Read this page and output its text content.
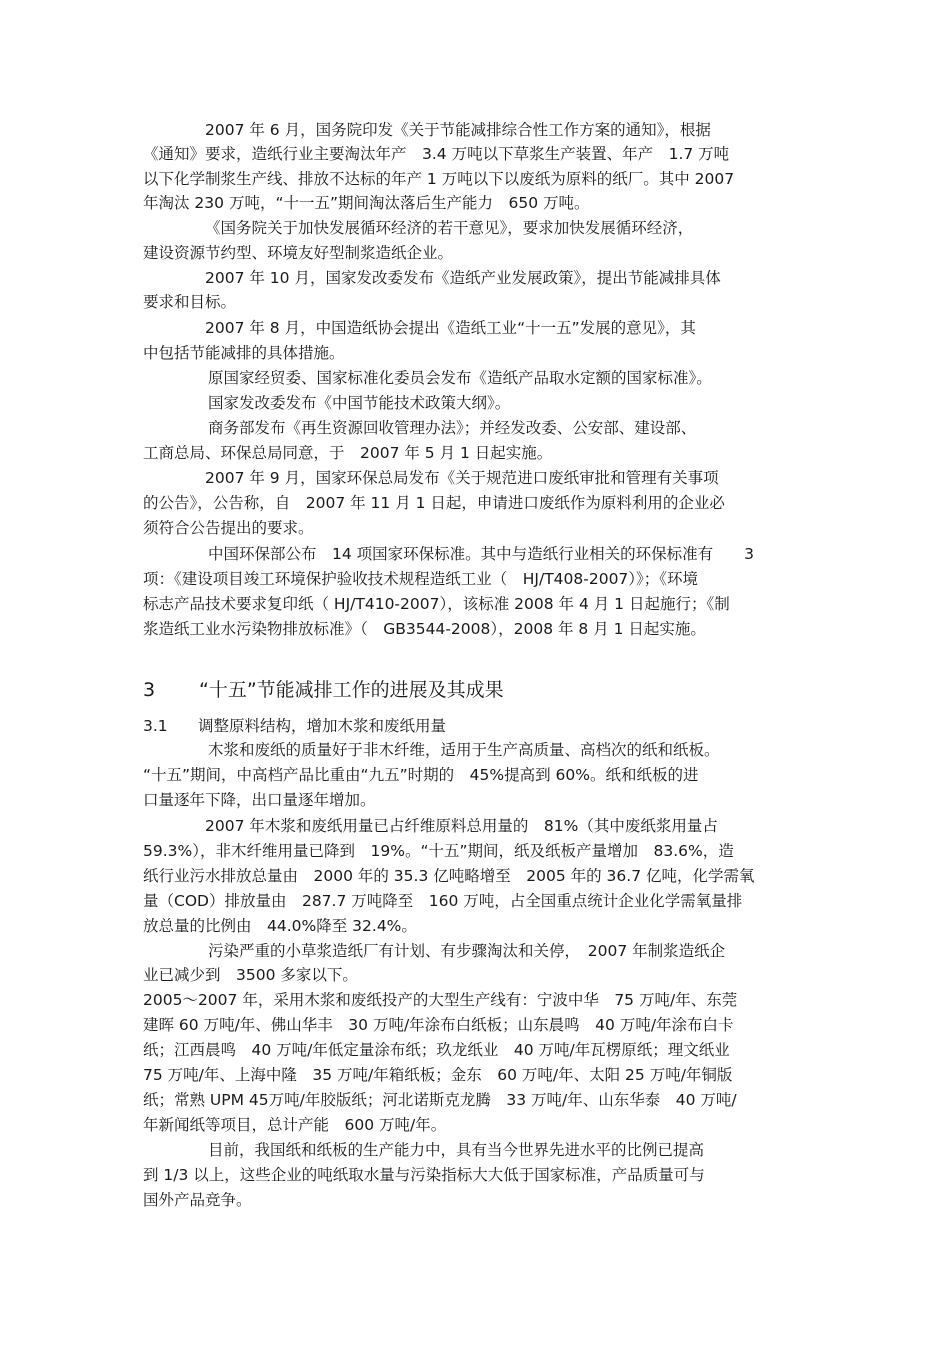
2007 年 6 月，国务院印发《关于节能减排综合性工作方案的通知》，根据
《通知》要求，造纸行业主要淘汰年产　3.4 万吨以下草浆生产装置、年产　1.7 万吨
以下化学制浆生产线、排放不达标的年产 1 万吨以下以废纸为原料的纸厂。其中 2007
年淘汰 230 万吨，“十一五”期间淘汰落后生产能力　650 万吨。
《国务院关于加快发展循环经济的若干意见》，要求加快发展循环经济，
建设资源节约型、环境友好型制浆造纸企业。
2007 年 10 月，国家发改委发布《造纸产业发展政策》，提出节能减排具体
要求和目标。
2007 年 8 月，中国造纸协会提出《造纸工业“十一五”发展的意见》，其
中包括节能减排的具体措施。
原国家经贸委、国家标准化委员会发布《造纸产品取水定额的国家标准》。
国家发改委发布《中国节能技术政策大纲》。
商务部发布《再生资源回收管理办法》；并经发改委、公安部、建设部、
工商总局、环保总局同意，于　2007 年 5 月 1 日起实施。
2007 年 9 月，国家环保总局发布《关于规范进口废纸审批和管理有关事项
的公告》，公告称，自　2007 年 11 月 1 日起，申请进口废纸作为原料利用的企业必
须符合公告提出的要求。
中国环保部公布　14 项国家环保标准。其中与造纸行业相关的环保标准有　　3
项：《建设项目竣工环境保护验收技术规程造纸工业（　HJ/T408-2007）》；《环境
标志产品技术要求复印纸（ HJ/T410-2007），该标准 2008 年 4 月 1 日起施行；《制
浆造纸工业水污染物排放标准》（　GB3544-2008），2008 年 8 月 1 日起实施。
3 “十五”节能减排工作的进展及其成果
3.1 调整原料结构，增加木浆和废纸用量
木浆和废纸的质量好于非木纤维，适用于生产高质量、高档次的纸和纸板。
“十五”期间，中高档产品比重由“九五”时期的　45%提高到 60%。纸和纸板的进
口量逐年下降，出口量逐年增加。
2007 年木浆和废纸用量已占纤维原料总用量的　81%（其中废纸浆用量占
59.3%），非木纤维用量已降到　19%。“十五”期间，纸及纸板产量增加　83.6%，造
纸行业污水排放总量由　2000 年的 35.3 亿吨略增至　2005 年的 36.7 亿吨，化学需氧
量（COD）排放量由　287.7 万吨降至　160 万吨，占全国重点统计企业化学需氧量排
放总量的比例由　44.0%降至 32.4%。
污染严重的小草浆造纸厂有计划、有步骤淘汰和关停，　2007 年制浆造纸企
业已减少到　3500 多家以下。
2005～2007 年，采用木浆和废纸投产的大型生产线有：宁波中华　75 万吨/年、东莞
建晖 60 万吨/年、佛山华丰　30 万吨/年涂布白纸板；山东晨鸣　40 万吨/年涂布白卡
纸；江西晨鸣　40 万吨/年低定量涂布纸；玖龙纸业　40 万吨/年瓦楞原纸；理文纸业
75 万吨/年、上海中隆　35 万吨/年箱纸板；金东　60 万吨/年、太阳 25 万吨/年铜版
纸；常熟 UPM 45万吨/年胶版纸；河北诺斯克龙腾　33 万吨/年、山东华泰　40 万吨/
年新闻纸等项目，总计产能　600 万吨/年。
目前，我国纸和纸板的生产能力中，具有当今世界先进水平的比例已提高
到 1/3 以上，这些企业的吨纸取水量与污染指标大大低于国家标准，产品质量可与
国外产品竞争。
